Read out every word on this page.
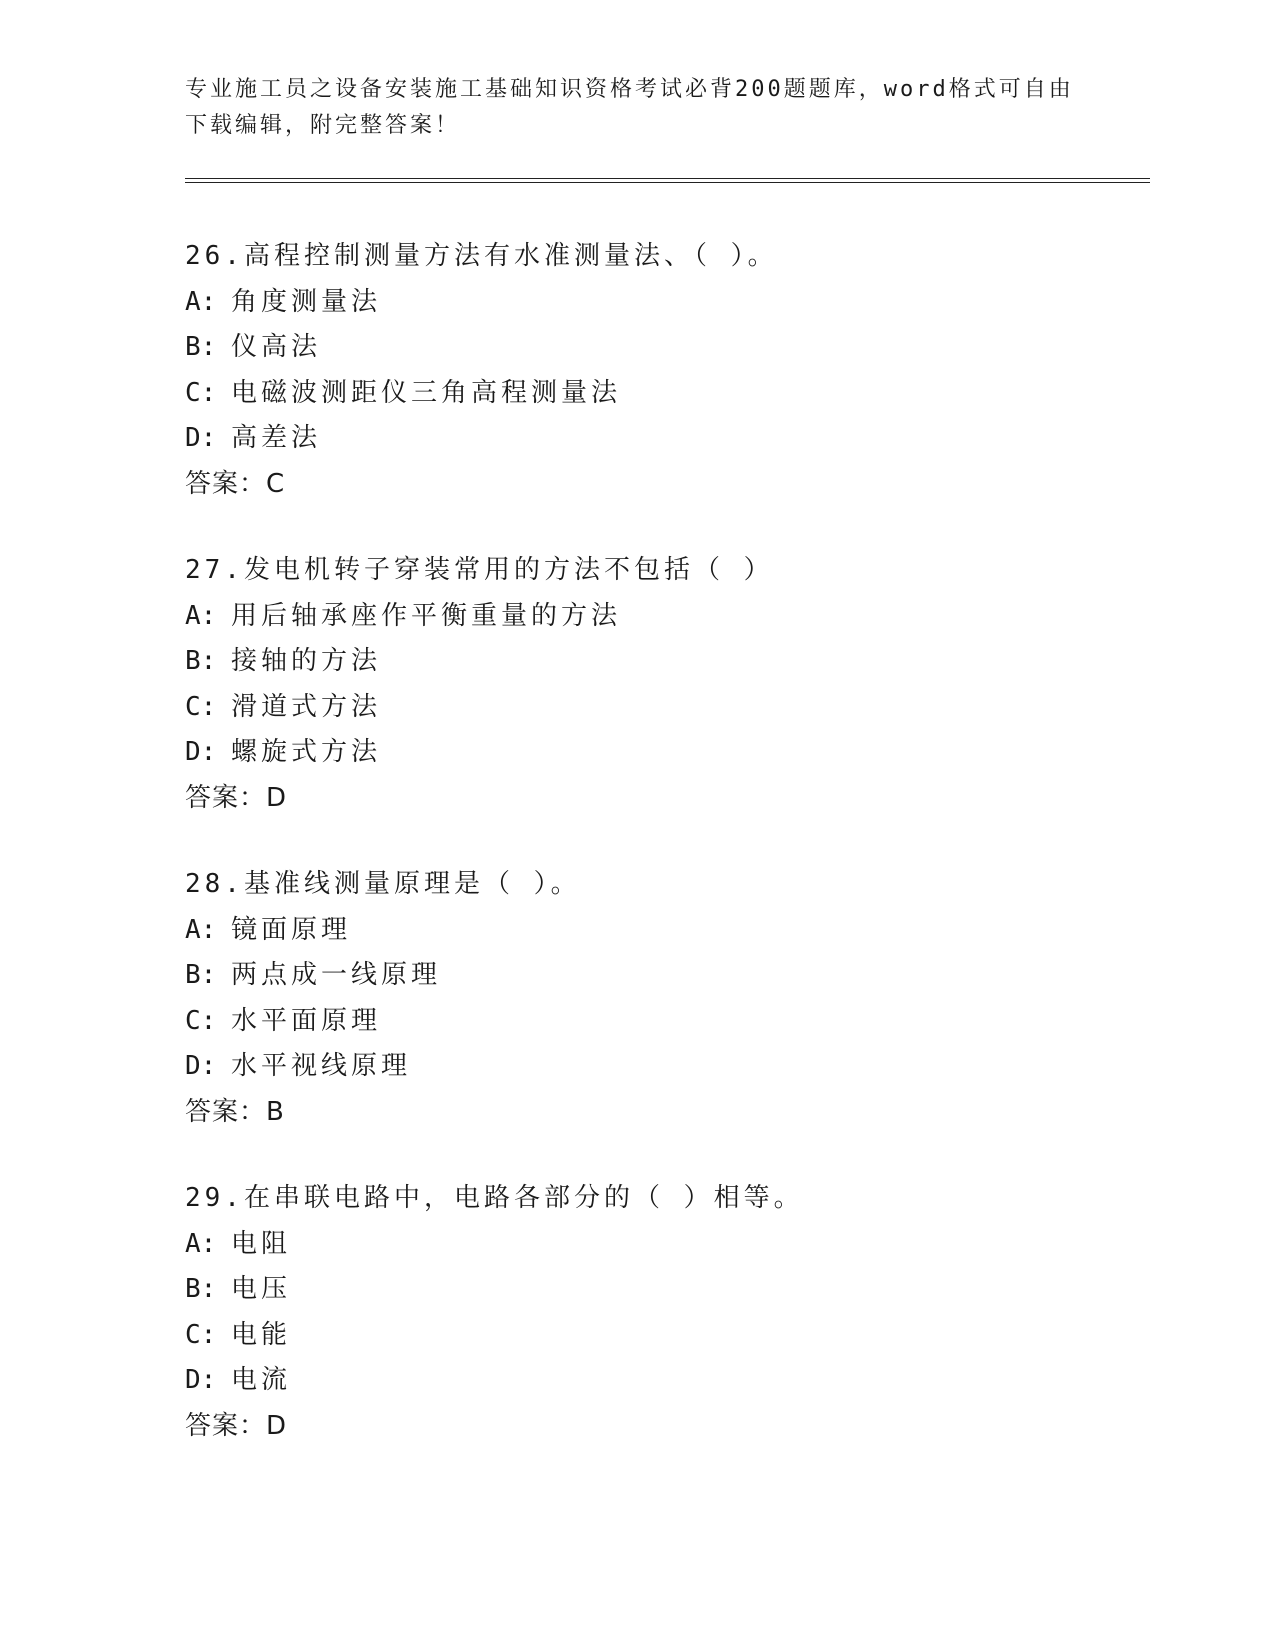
专业施工员之设备安装施工基础知识资格考试必背200题题库，word格式可自由
下载编辑，附完整答案！
26.高程控制测量方法有水准测量法、（ ）。
A: 角度测量法
B: 仪高法
C: 电磁波测距仪三角高程测量法
D: 高差法
答案：C
27.发电机转子穿装常用的方法不包括（ ）
A: 用后轴承座作平衡重量的方法
B: 接轴的方法
C: 滑道式方法
D: 螺旋式方法
答案：D
28.基准线测量原理是（ ）。
A: 镜面原理
B: 两点成一线原理
C: 水平面原理
D: 水平视线原理
答案：B
29.在串联电路中，电路各部分的（ ）相等。
A: 电阻
B: 电压
C: 电能
D: 电流
答案：D
